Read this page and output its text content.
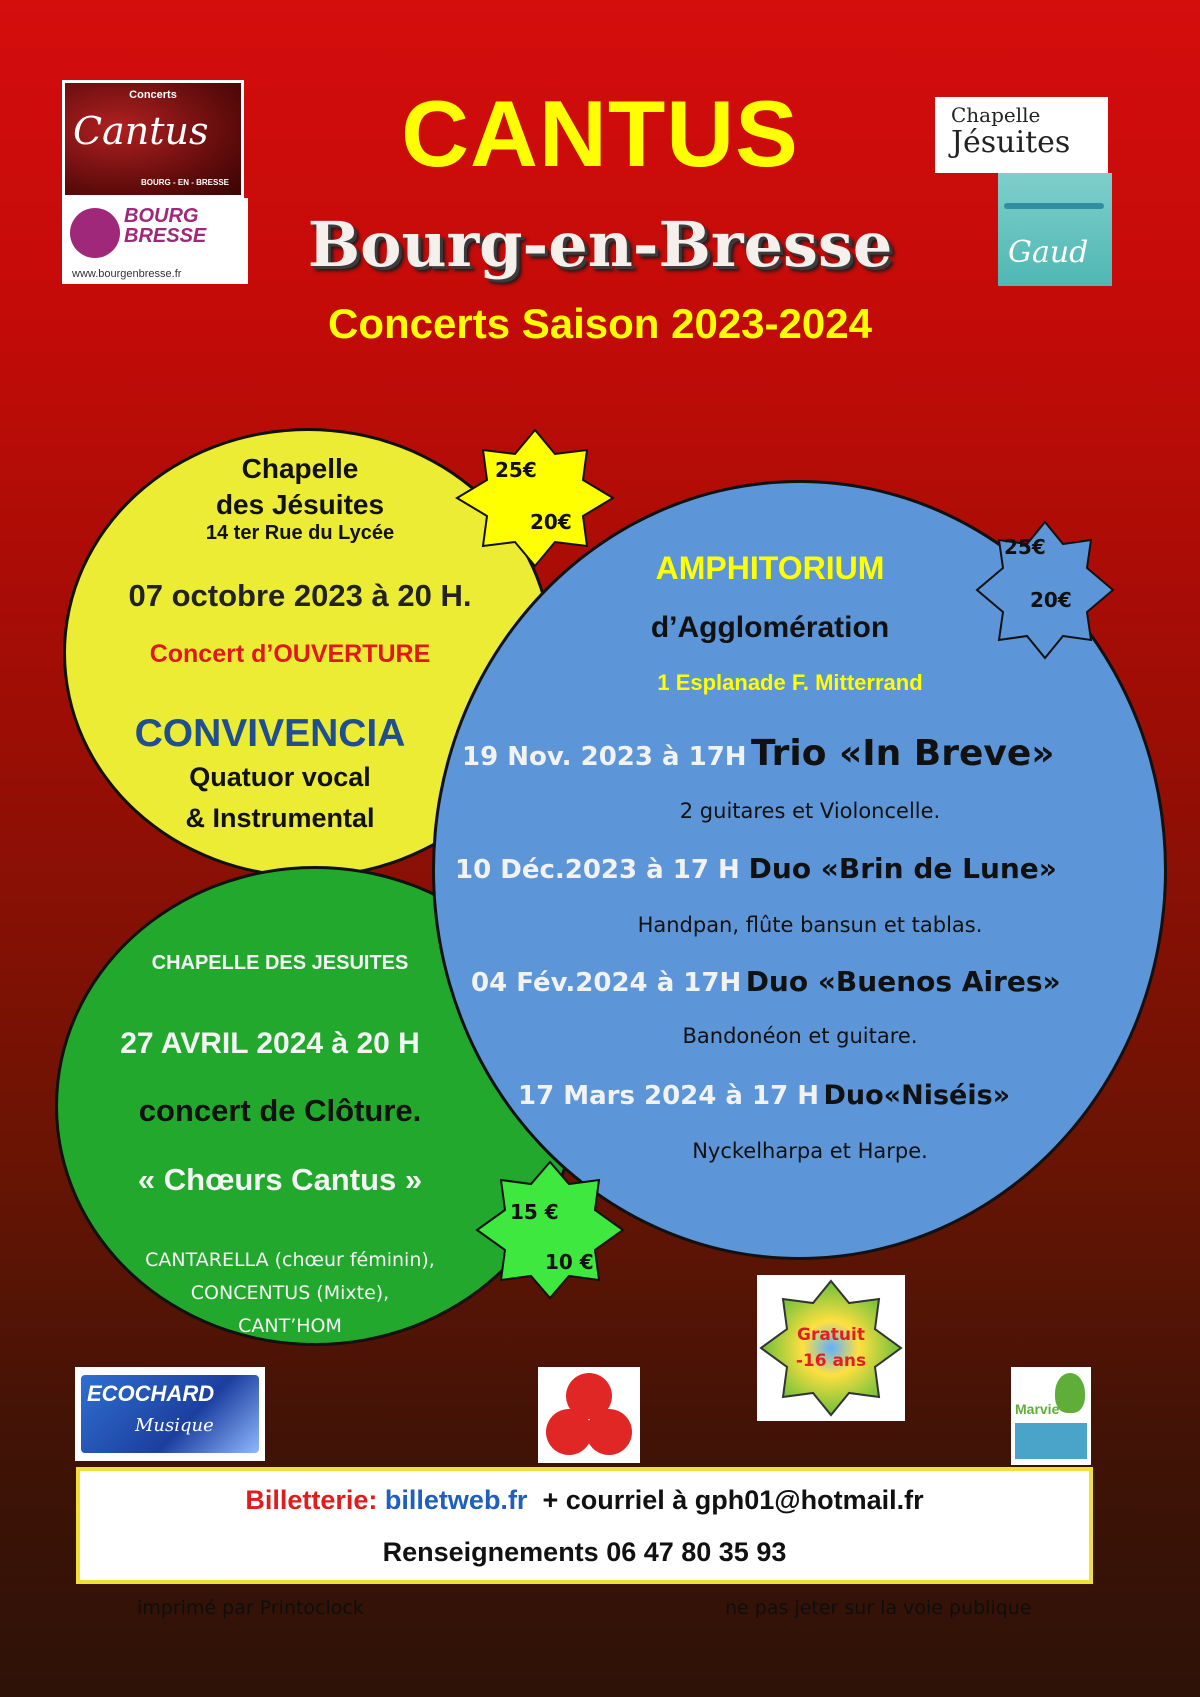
Concerts
Cantus
BOURG - EN - BRESSE
BOURG
BRESSE
www.bourgenbresse.fr
Chapelle
Jésuites
Gaud
CANTUS
Bourg-en-Bresse
Concerts Saison 2023-2024
Chapelle
des Jésuites
14 ter Rue du Lycée
07 octobre 2023 à 20 H.
Concert d’OUVERTURE
CONVIVENCIA
Quatuor vocal
& Instrumental
AMPHITORIUM
d’Agglomération
1 Esplanade F. Mitterrand
19 Nov. 2023 à 17H Trio «In Breve»
2 guitares et Violoncelle.
10 Déc.2023 à 17 H Duo «Brin de Lune»
Handpan, flûte bansun et tablas.
04 Fév.2024 à 17H Duo «Buenos Aires»
Bandonéon et guitare.
17 Mars 2024 à 17 H Duo«Niséis»
Nyckelharpa et Harpe.
CHAPELLE DES JESUITES
27 AVRIL 2024 à 20 H
concert de Clôture.
« Chœurs Cantus »
CANTARELLA (chœur féminin),
CONCENTUS (Mixte),
CANT’HOM
25€
20€
25€
20€
15 €
10 €
Gratuit
-16 ans
ECOCHARD
Musique
Marvie
Billetterie: billetweb.fr + courriel à gph01@hotmail.fr
Renseignements 06 47 80 35 93
imprimé par Printoclock	ne pas jeter sur la voie publique
